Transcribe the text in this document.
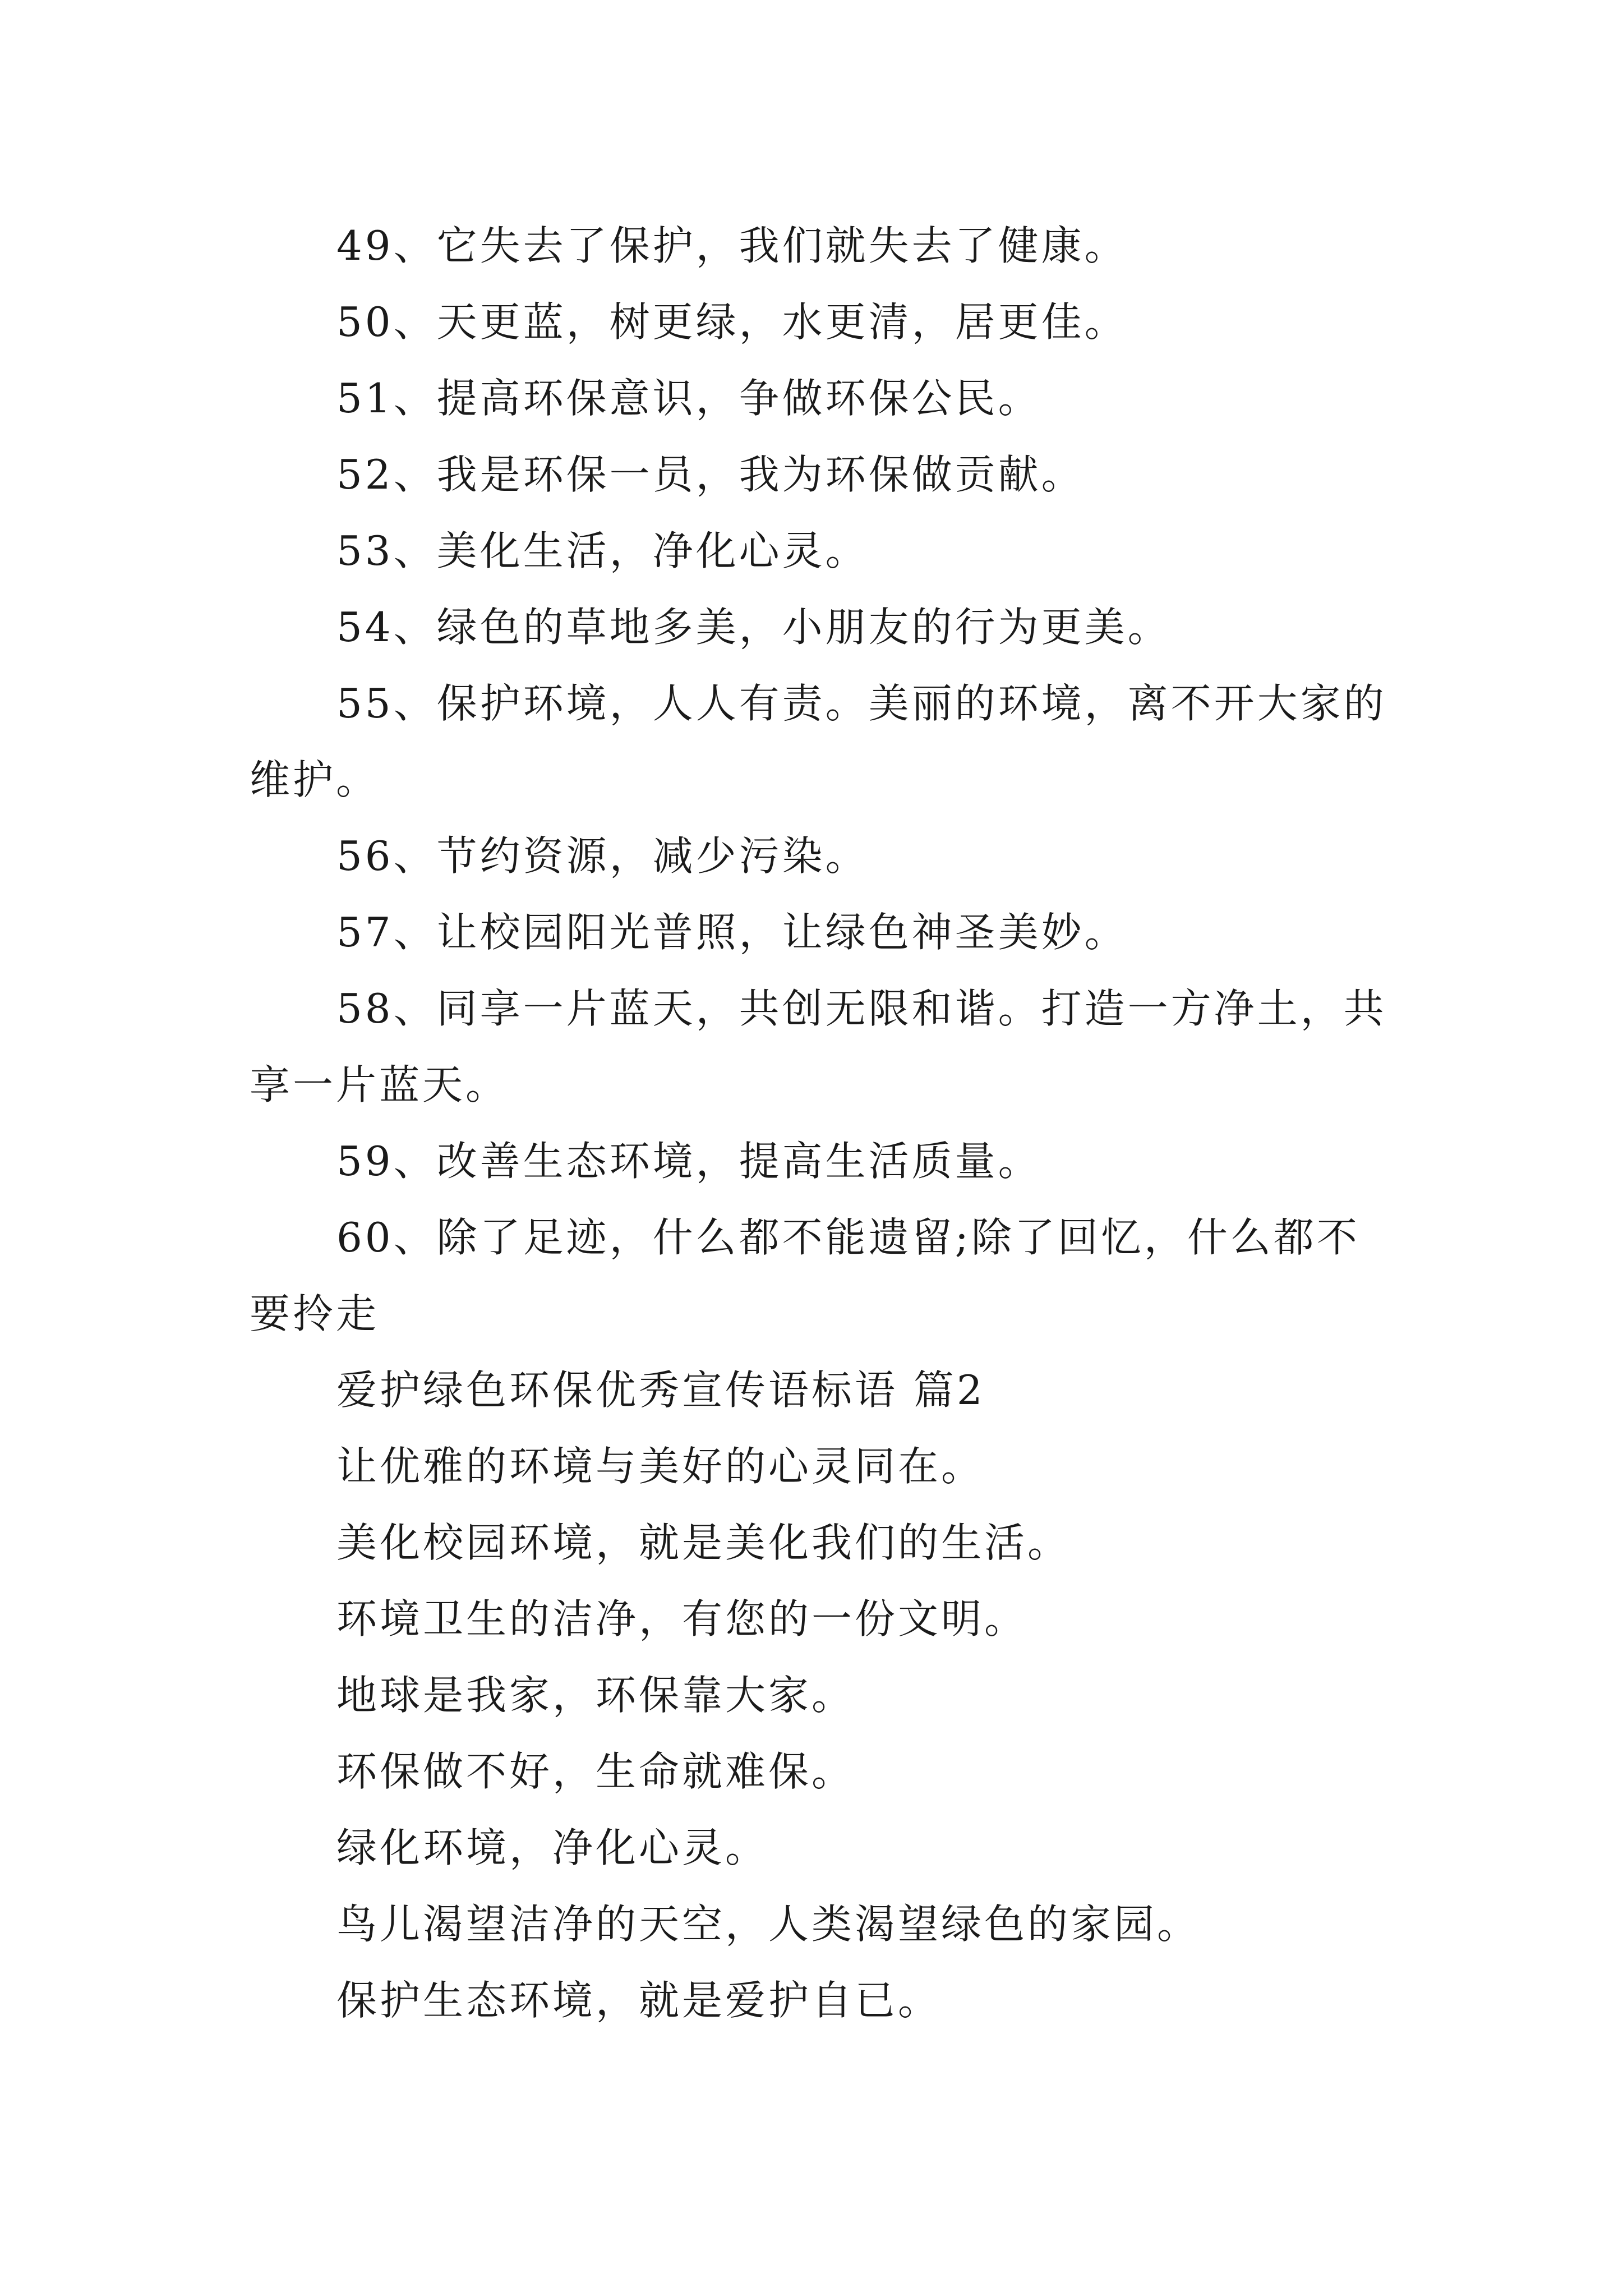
49、它失去了保护，我们就失去了健康。

50、天更蓝，树更绿，水更清，居更佳。

51、提高环保意识，争做环保公民。

52、我是环保一员，我为环保做贡献。

53、美化生活，净化心灵。

54、绿色的草地多美，小朋友的行为更美。

55、保护环境，人人有责。美丽的环境，离不开大家的维护。

56、节约资源，减少污染。

57、让校园阳光普照，让绿色神圣美妙。

58、同享一片蓝天，共创无限和谐。打造一方净土，共享一片蓝天。

59、改善生态环境，提高生活质量。

60、除了足迹，什么都不能遗留;除了回忆，什么都不要拎走

爱护绿色环保优秀宣传语标语 篇2

让优雅的环境与美好的心灵同在。

美化校园环境，就是美化我们的生活。

环境卫生的洁净，有您的一份文明。

地球是我家，环保靠大家。

环保做不好，生命就难保。

绿化环境，净化心灵。

鸟儿渴望洁净的天空，人类渴望绿色的家园。

保护生态环境，就是爱护自已。
